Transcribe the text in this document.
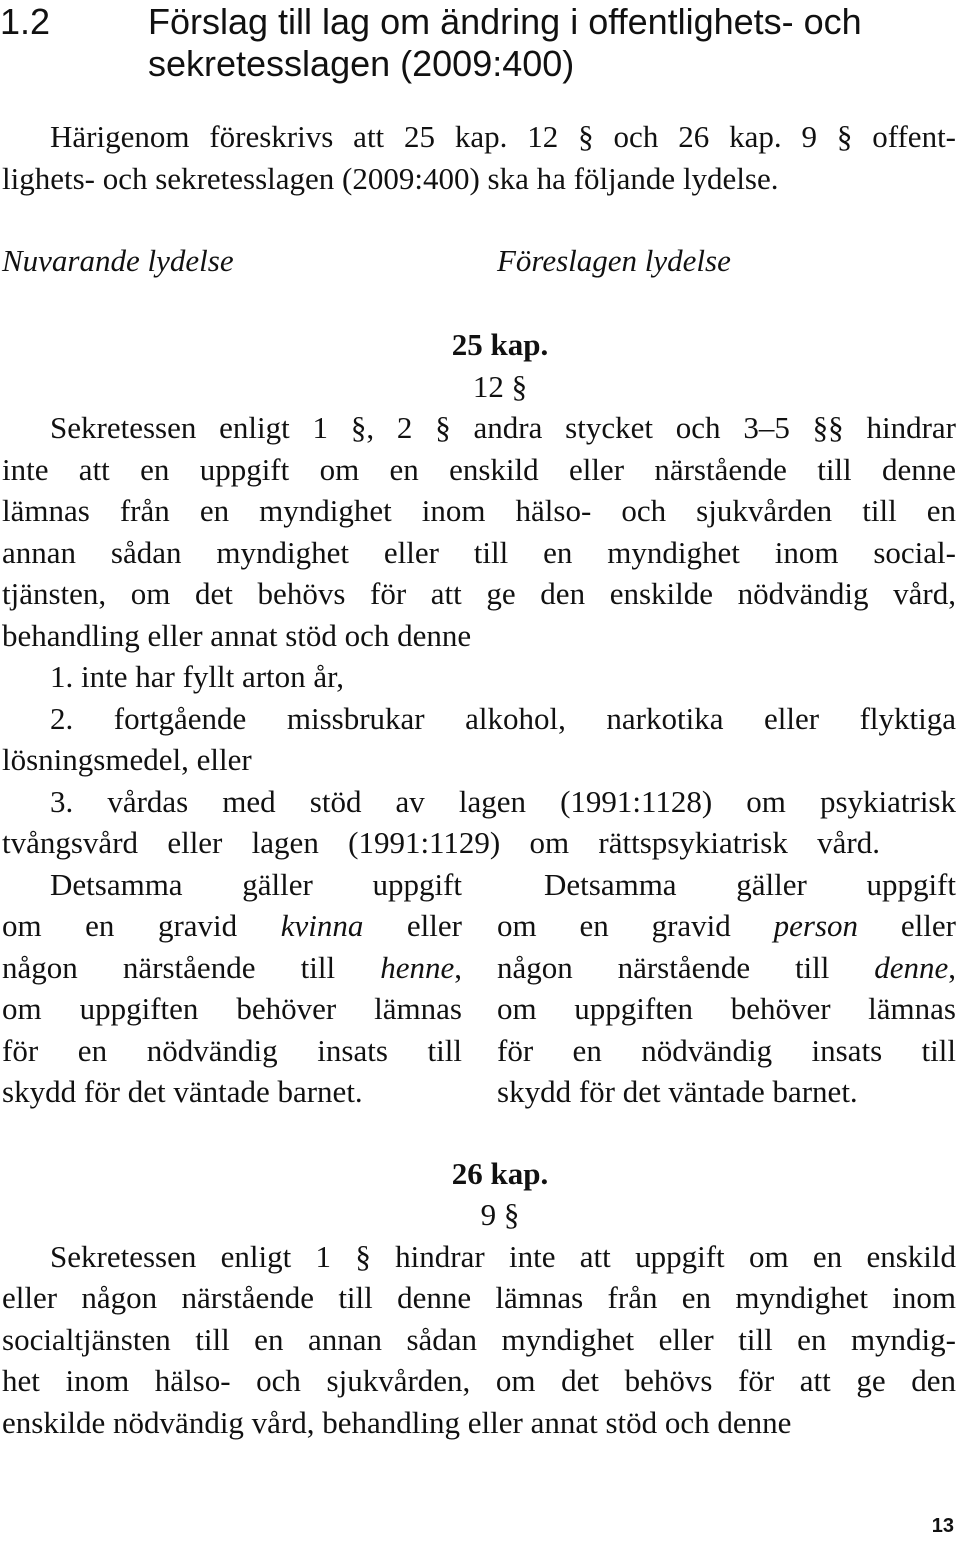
1.2	Förslag till lag om ändring i offentlighets- och
sekretesslagen (2009:400)
Härigenom föreskrivs att 25 kap. 12 § och 26 kap. 9 § offent-
lighets- och sekretesslagen (2009:400) ska ha följande lydelse.
Nuvarande lydelse	Föreslagen lydelse
25 kap.
12 §
Sekretessen enligt 1 §, 2 § andra stycket och 3–5 §§ hindrar
inte att en uppgift om en enskild eller närstående till denne
lämnas från en myndighet inom hälso- och sjukvården till en
annan sådan myndighet eller till en myndighet inom social-
tjänsten, om det behövs för att ge den enskilde nödvändig vård,
behandling eller annat stöd och denne
1. inte har fyllt arton år,
2. fortgående missbrukar alkohol, narkotika eller flyktiga
lösningsmedel, eller
3. vårdas med stöd av lagen (1991:1128) om psykiatrisk
tvångsvård eller lagen (1991:1129) om rättspsykiatrisk vård.
Detsamma gäller uppgift
om en gravid kvinna eller
någon närstående till henne,
om uppgiften behöver lämnas
för en nödvändig insats till
skydd för det väntade barnet.
Detsamma gäller uppgift
om en gravid person eller
någon närstående till denne,
om uppgiften behöver lämnas
för en nödvändig insats till
skydd för det väntade barnet.
26 kap.
9 §
Sekretessen enligt 1 § hindrar inte att uppgift om en enskild
eller någon närstående till denne lämnas från en myndighet inom
socialtjänsten till en annan sådan myndighet eller till en myndig-
het inom hälso- och sjukvården, om det behövs för att ge den
enskilde nödvändig vård, behandling eller annat stöd och denne
13
